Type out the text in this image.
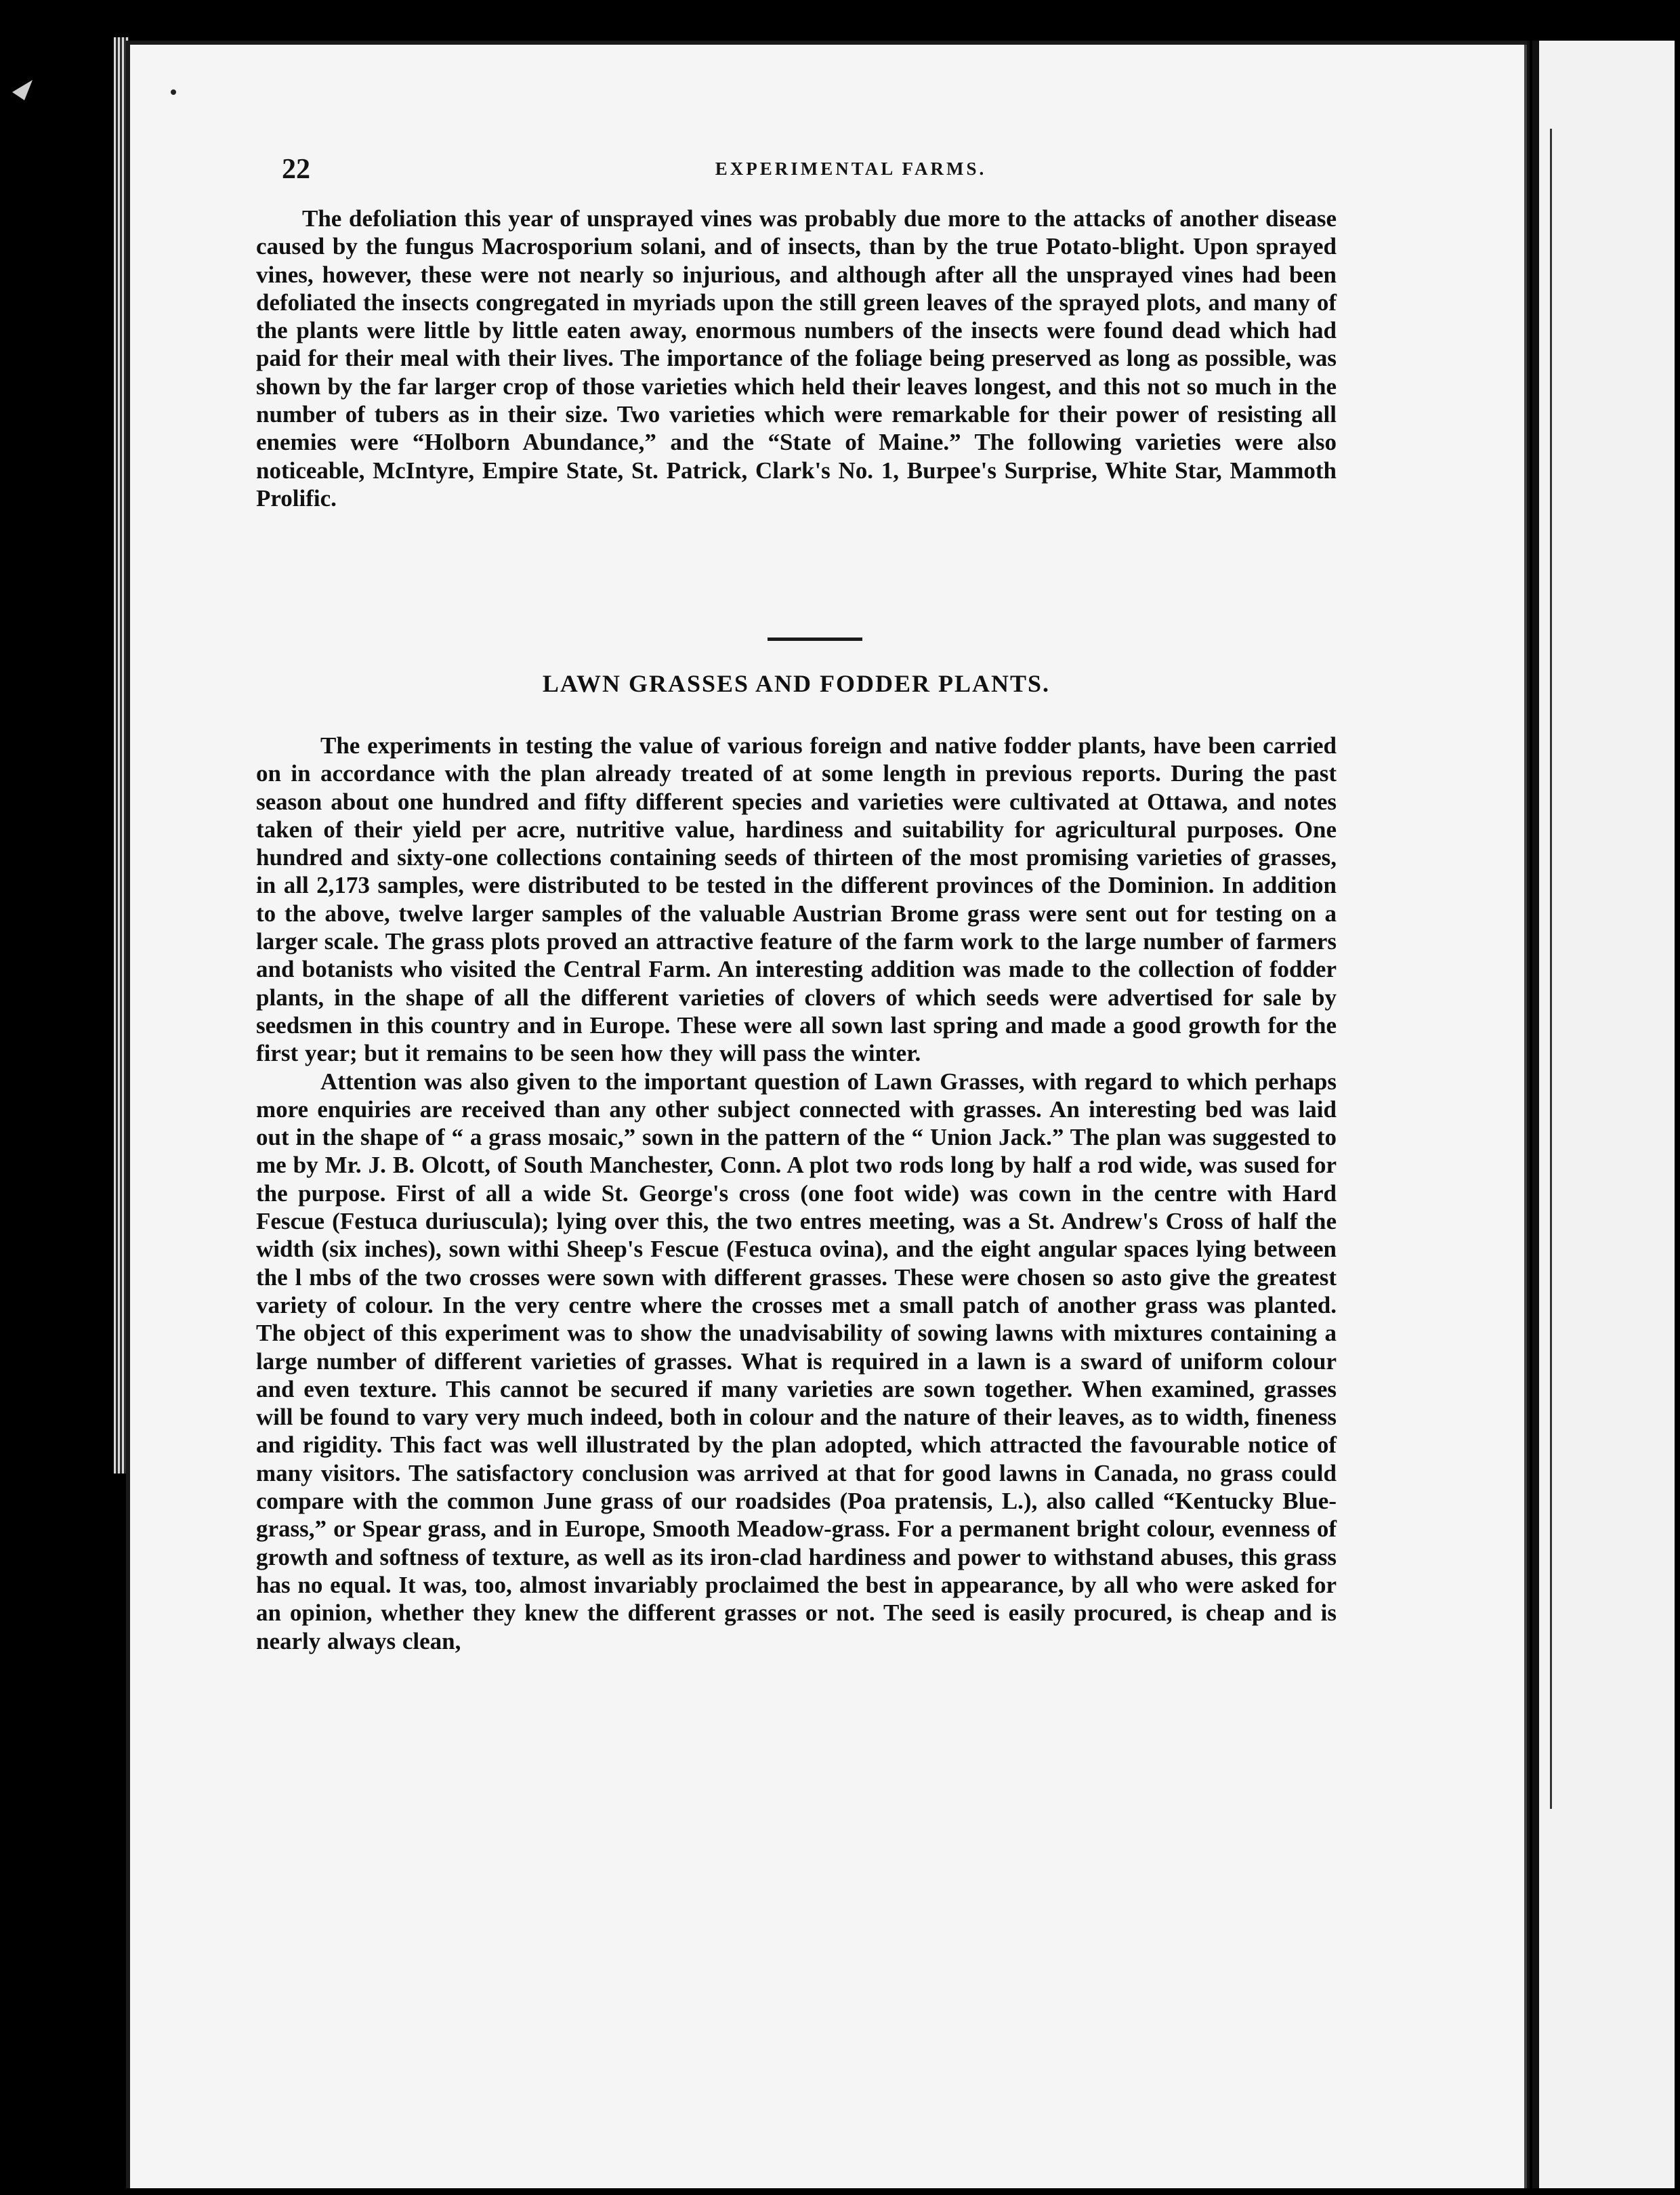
22	EXPERIMENTAL FARMS.

The defoliation this year of unsprayed vines was probably due more to the attacks of another disease caused by the fungus Macrosporium solani, and of insects, than by the true Potato-blight. Upon sprayed vines, however, these were not nearly so injurious, and although after all the unsprayed vines had been defoliated the insects congregated in myriads upon the still green leaves of the sprayed plots, and many of the plants were little by little eaten away, enormous numbers of the insects were found dead which had paid for their meal with their lives. The importance of the foliage being preserved as long as possible, was shown by the far larger crop of those varieties which held their leaves longest, and this not so much in the number of tubers as in their size. Two varieties which were remarkable for their power of resisting all enemies were “Holborn Abundance,” and the “State of Maine.” The following varieties were also noticeable, McIntyre, Empire State, St. Patrick, Clark's No. 1, Burpee's Surprise, White Star, Mammoth Prolific.

LAWN GRASSES AND FODDER PLANTS.

The experiments in testing the value of various foreign and native fodder plants, have been carried on in accordance with the plan already treated of at some length in previous reports. During the past season about one hundred and fifty different species and varieties were cultivated at Ottawa, and notes taken of their yield per acre, nutritive value, hardiness and suitability for agricultural purposes. One hundred and sixty-one collections containing seeds of thirteen of the most promising varieties of grasses, in all 2,173 samples, were distributed to be tested in the different provinces of the Dominion. In addition to the above, twelve larger samples of the valuable Austrian Brome grass were sent out for testing on a larger scale. The grass plots proved an attractive feature of the farm work to the large number of farmers and botanists who visited the Central Farm. An interesting addition was made to the collection of fodder plants, in the shape of all the different varieties of clovers of which seeds were advertised for sale by seedsmen in this country and in Europe. These were all sown last spring and made a good growth for the first year; but it remains to be seen how they will pass the winter.

Attention was also given to the important question of Lawn Grasses, with regard to which perhaps more enquiries are received than any other subject connected with grasses. An interesting bed was laid out in the shape of “ a grass mosaic,” sown in the pattern of the “ Union Jack.” The plan was suggested to me by Mr. J. B. Olcott, of South Manchester, Conn. A plot two rods long by half a rod wide, was sused for the purpose. First of all a wide St. George's cross (one foot wide) was cown in the centre with Hard Fescue (Festuca duriuscula); lying over this, the two entres meeting, was a St. Andrew's Cross of half the width (six inches), sown withi Sheep's Fescue (Festuca ovina), and the eight angular spaces lying between the l mbs of the two crosses were sown with different grasses. These were chosen so asto give the greatest variety of colour. In the very centre where the crosses met a small patch of another grass was planted. The object of this experiment was to show the unadvisability of sowing lawns with mixtures containing a large number of different varieties of grasses. What is required in a lawn is a sward of uniform colour and even texture. This cannot be secured if many varieties are sown together. When examined, grasses will be found to vary very much indeed, both in colour and the nature of their leaves, as to width, fineness and rigidity. This fact was well illustrated by the plan adopted, which attracted the favourable notice of many visitors. The satisfactory conclusion was arrived at that for good lawns in Canada, no grass could compare with the common June grass of our roadsides (Poa pratensis, L.), also called “Kentucky Blue-grass,” or Spear grass, and in Europe, Smooth Meadow-grass. For a permanent bright colour, evenness of growth and softness of texture, as well as its iron-clad hardiness and power to withstand abuses, this grass has no equal. It was, too, almost invariably proclaimed the best in appearance, by all who were asked for an opinion, whether they knew the different grasses or not. The seed is easily procured, is cheap and is nearly always clean,
